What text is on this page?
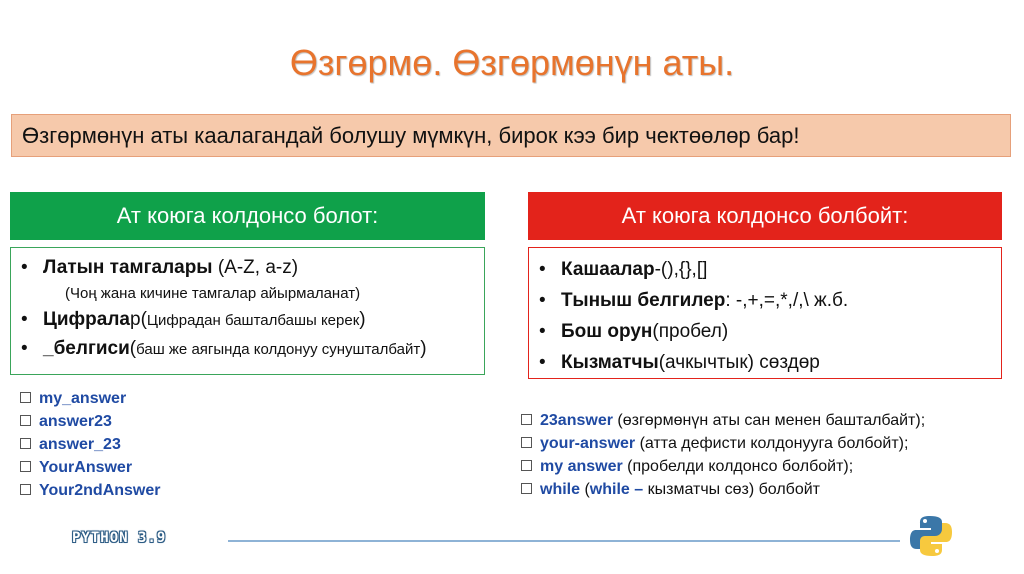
Өзгөрмө. Өзгөрмөнүн аты.
Өзгөрмөнүн аты каалагандай болушу мүмкүн, бирок кээ бир чектөөлөр бар!
Ат коюга колдонсо болот:	Ат коюга колдонсо болбойт:
• Латын тамгалары (A-Z, a-z)
(Чоң жана кичине тамгалар айырмаланат)
• Цифралар(Цифрадан башталбашы керек)
• _белгиси(баш же аягында колдонуу сунушталбайт)
• Кашаалар-(),{},[]
• Тыныш белгилер: -,+,=,*,/,\ ж.б.
• Бош орун(пробел)
• Кызматчы(ачкычтык) сөздөр
my_answer
answer23
answer_23
YourAnswer
Your2ndAnswer
23answer (өзгөрмөнүн аты сан менен башталбайт);
your-answer (атта дефисти колдонууга болбойт);
my answer (пробелди колдонсо болбойт);
while (while – кызматчы сөз) болбойт
PYTHON 3.9
